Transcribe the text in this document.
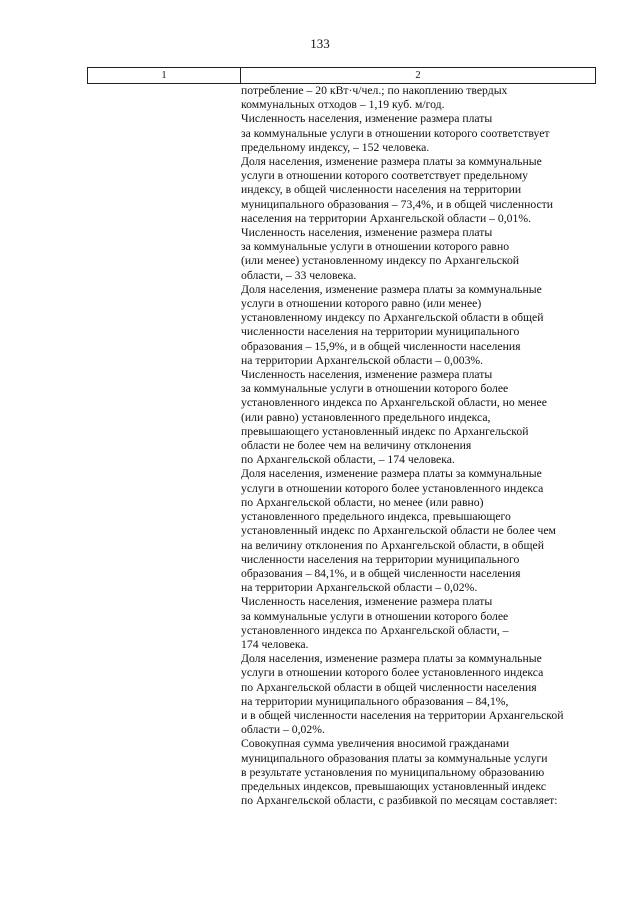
133
1	2

потребление – 20 кВт·ч/чел.; по накоплению твердых
коммунальных отходов – 1,19 куб. м/год.

Численность населения, изменение размера платы
за коммунальные услуги в отношении которого соответствует
предельному индексу, – 152 человека.

Доля населения, изменение размера платы за коммунальные
услуги в отношении которого соответствует предельному
индексу, в общей численности населения на территории
муниципального образования – 73,4%, и в общей численности
населения на территории Архангельской области – 0,01%.

Численность населения, изменение размера платы
за коммунальные услуги в отношении которого равно
(или менее) установленному индексу по Архангельской
области, – 33 человека.

Доля населения, изменение размера платы за коммунальные
услуги в отношении которого равно (или менее)
установленному индексу по Архангельской области в общей
численности населения на территории муниципального
образования – 15,9%, и в общей численности населения
на территории Архангельской области – 0,003%.

Численность населения, изменение размера платы
за коммунальные услуги в отношении которого более
установленного индекса по Архангельской области, но менее
(или равно) установленного предельного индекса,
превышающего установленный индекс по Архангельской
области не более чем на величину отклонения
по Архангельской области, – 174 человека.

Доля населения, изменение размера платы за коммунальные
услуги в отношении которого более установленного индекса
по Архангельской области, но менее (или равно)
установленного предельного индекса, превышающего
установленный индекс по Архангельской области не более чем
на величину отклонения по Архангельской области, в общей
численности населения на территории муниципального
образования – 84,1%, и в общей численности населения
на территории Архангельской области – 0,02%.

Численность населения, изменение размера платы
за коммунальные услуги в отношении которого более
установленного индекса по Архангельской области, –
174 человека.

Доля населения, изменение размера платы за коммунальные
услуги в отношении которого более установленного индекса
по Архангельской области в общей численности населения
на территории муниципального образования – 84,1%,
и в общей численности населения на территории Архангельской
области – 0,02%.

Совокупная сумма увеличения вносимой гражданами
муниципального образования платы за коммунальные услуги
в результате установления по муниципальному образованию
предельных индексов, превышающих установленный индекс
по Архангельской области, с разбивкой по месяцам составляет:
